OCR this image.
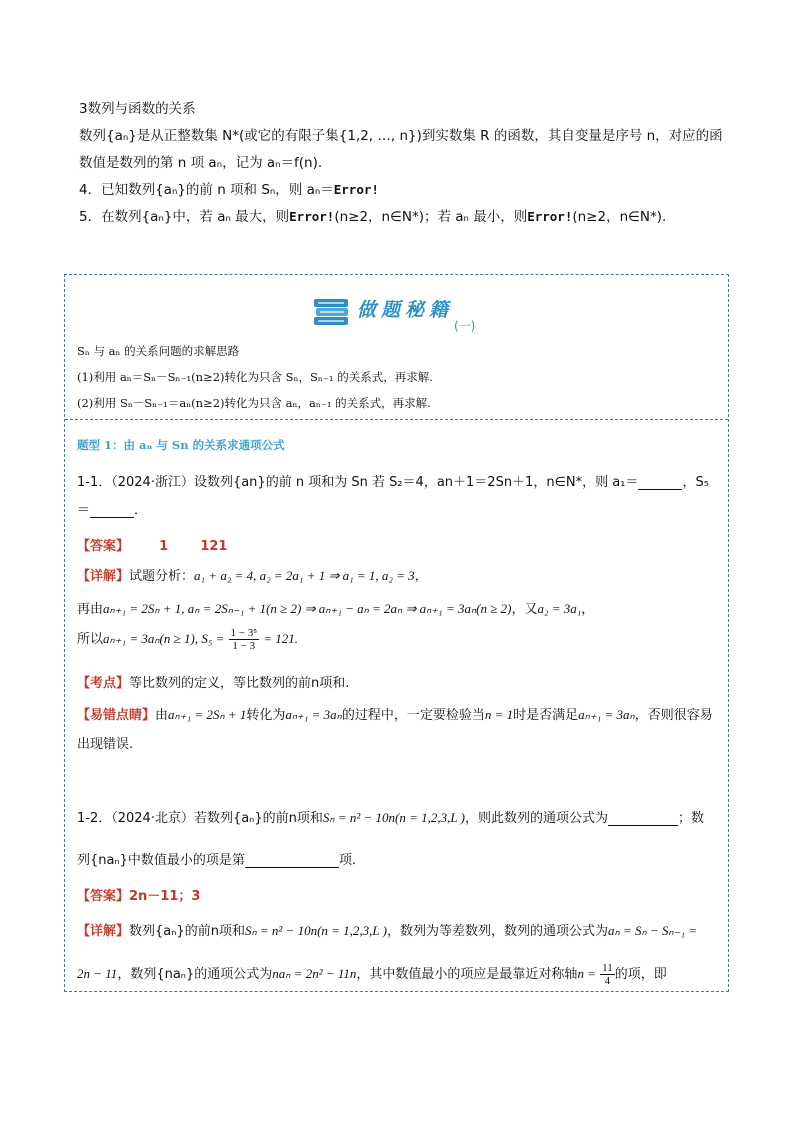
3数列与函数的关系
数列{aₙ}是从正整数集 N*(或它的有限子集{1,2, …, n})到实数集 R 的函数，其自变量是序号 n，对应的函
数值是数列的第 n 项 aₙ，记为 aₙ＝f(n).
4．已知数列{aₙ}的前 n 项和 Sₙ，则 aₙ＝Error!
5．在数列{aₙ}中，若 aₙ 最大，则Error!(n≥2，n∈N*)；若 aₙ 最小，则Error!(n≥2，n∈N*).
做题秘籍
(一)
Sₙ 与 aₙ 的关系问题的求解思路
(1)利用 aₙ＝Sₙ－Sₙ₋₁(n≥2)转化为只含 Sₙ，Sₙ₋₁ 的关系式，再求解.
(2)利用 Sₙ－Sₙ₋₁＝aₙ(n≥2)转化为只含 aₙ，aₙ₋₁ 的关系式，再求解.
题型 1：由 aₙ 与 Sn 的关系求通项公式
1-1．（2024·浙江）设数列{an}的前 n 项和为 Sn 若 S₂＝4，an＋1＝2Sn＋1，n∈N*，则 a₁＝	，S₅
＝	．
【答案】 1 121
【详解】试题分析：a₁ + a₂ = 4, a₂ = 2a₁ + 1 ⇒ a₁ = 1, a₂ = 3，
再由aₙ₊₁ = 2Sₙ + 1, aₙ = 2Sₙ₋₁ + 1(n ≥ 2) ⇒ aₙ₊₁ − aₙ = 2aₙ ⇒ aₙ₊₁ = 3aₙ(n ≥ 2)，又a₂ = 3a₁，
所以aₙ₊₁ = 3aₙ(n ≥ 1), $S_5 = \frac{\text{1 − 3⁵}}{1 - 3} = 121$.
【考点】等比数列的定义，等比数列的前n项和.
【易错点睛】由aₙ₊₁ = 2Sₙ + 1转化为aₙ₊₁ = 3aₙ的过程中，一定要检验当n = 1时是否满足aₙ₊₁ = 3aₙ，否则很容易
出现错误.
1-2．（2024·北京）若数列{aₙ}的前n项和Sₙ = n² − 10n(n = 1,2,3,L )，则此数列的通项公式为	；数
列{naₙ}中数值最小的项是第	项．
【答案】2n－11；3
【详解】数列{aₙ}的前n项和Sₙ = n² − 10n(n = 1,2,3,L )，数列为等差数列，数列的通项公式为aₙ = Sₙ − Sₙ₋₁ =
2n − 11，数列{naₙ}的通项公式为naₙ = 2n² − 11n，其中数值最小的项应是最靠近对称轴$n = \frac{11}{4}$ 的项，即
